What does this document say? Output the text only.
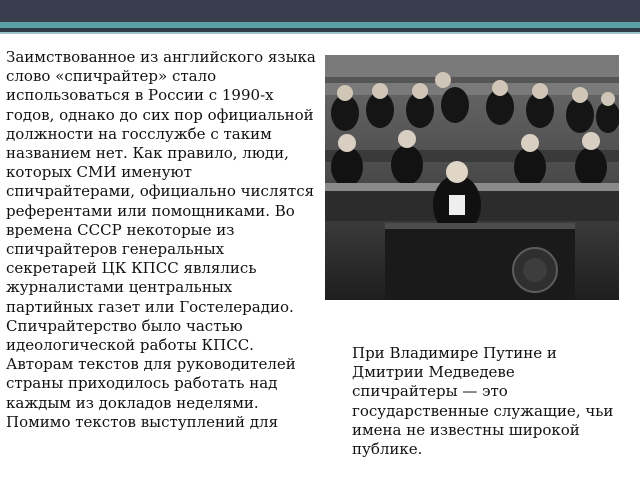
Заимствованное из английского языка слово «спичрайтер» стало использоваться в России с 1990-х годов, однако до сих пор официальной должности на госслужбе с таким названием нет. Как правило, люди, которых СМИ именуют спичрайтерами, официально числятся референтами или помощниками. Во времена СССР некоторые из спичрайтеров генеральных секретарей ЦК КПСС являлись журналистами центральных партийных газет или Гостелерадио.

Спичрайтерство было частью идеологической работы КПСС. Авторам текстов для руководителей страны приходилось работать над каждым из докладов неделями. Помимо текстов выступлений для

При Владимире Путине и Дмитрии Медведеве спичрайтеры — это государственные служащие, чьи имена не известны широкой публике.
